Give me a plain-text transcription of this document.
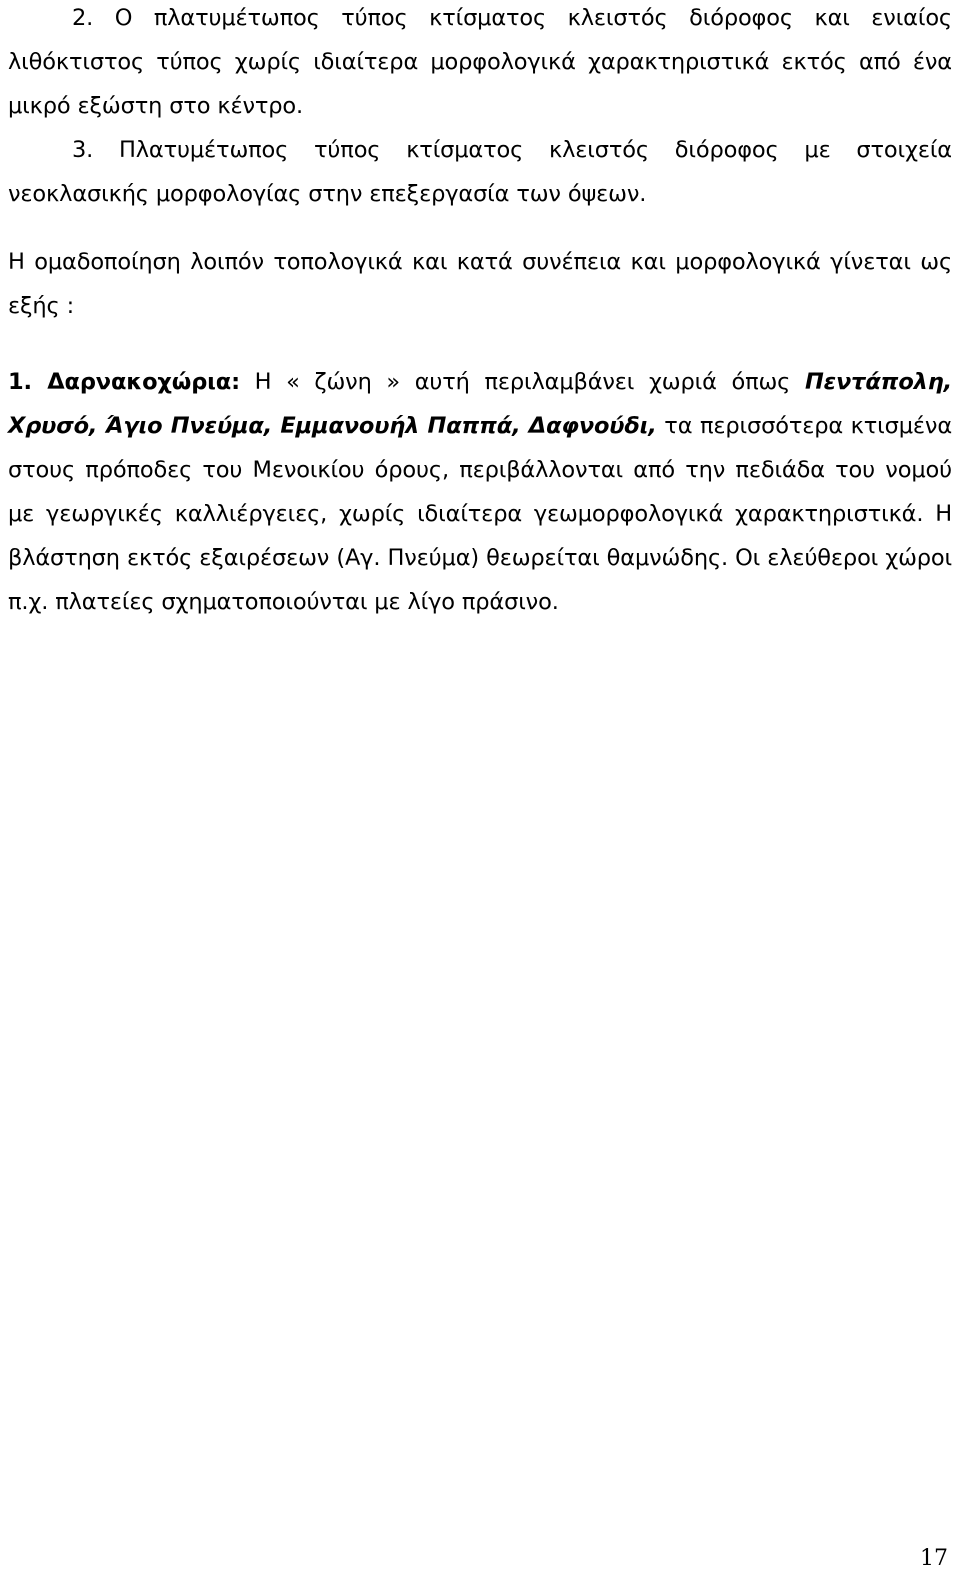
2. Ο πλατυμέτωπος τύπος κτίσματος κλειστός διόροφος και ενιαίος λιθόκτιστος τύπος χωρίς ιδιαίτερα μορφολογικά χαρακτηριστικά εκτός από ένα μικρό εξώστη στο κέντρο.

3. Πλατυμέτωπος τύπος κτίσματος κλειστός διόροφος με στοιχεία νεοκλασικής μορφολογίας στην επεξεργασία των όψεων.

Η ομαδοποίηση λοιπόν τοπολογικά και κατά συνέπεια και μορφολογικά γίνεται ως εξής :

1. Δαρνακοχώρια: Η « ζώνη » αυτή περιλαμβάνει χωριά όπως Πεντάπολη, Χρυσό, Άγιο Πνεύμα, Εμμανουήλ Παππά, Δαφνούδι, τα περισσότερα κτισμένα στους πρόποδες του Μενοικίου όρους, περιβάλλονται από την πεδιάδα του νομού με γεωργικές καλλιέργειες, χωρίς ιδιαίτερα γεωμορφολογικά χαρακτηριστικά. Η βλάστηση εκτός εξαιρέσεων (Αγ. Πνεύμα) θεωρείται θαμνώδης. Οι ελεύθεροι χώροι π.χ. πλατείες σχηματοποιούνται με λίγο πράσινο.

17
